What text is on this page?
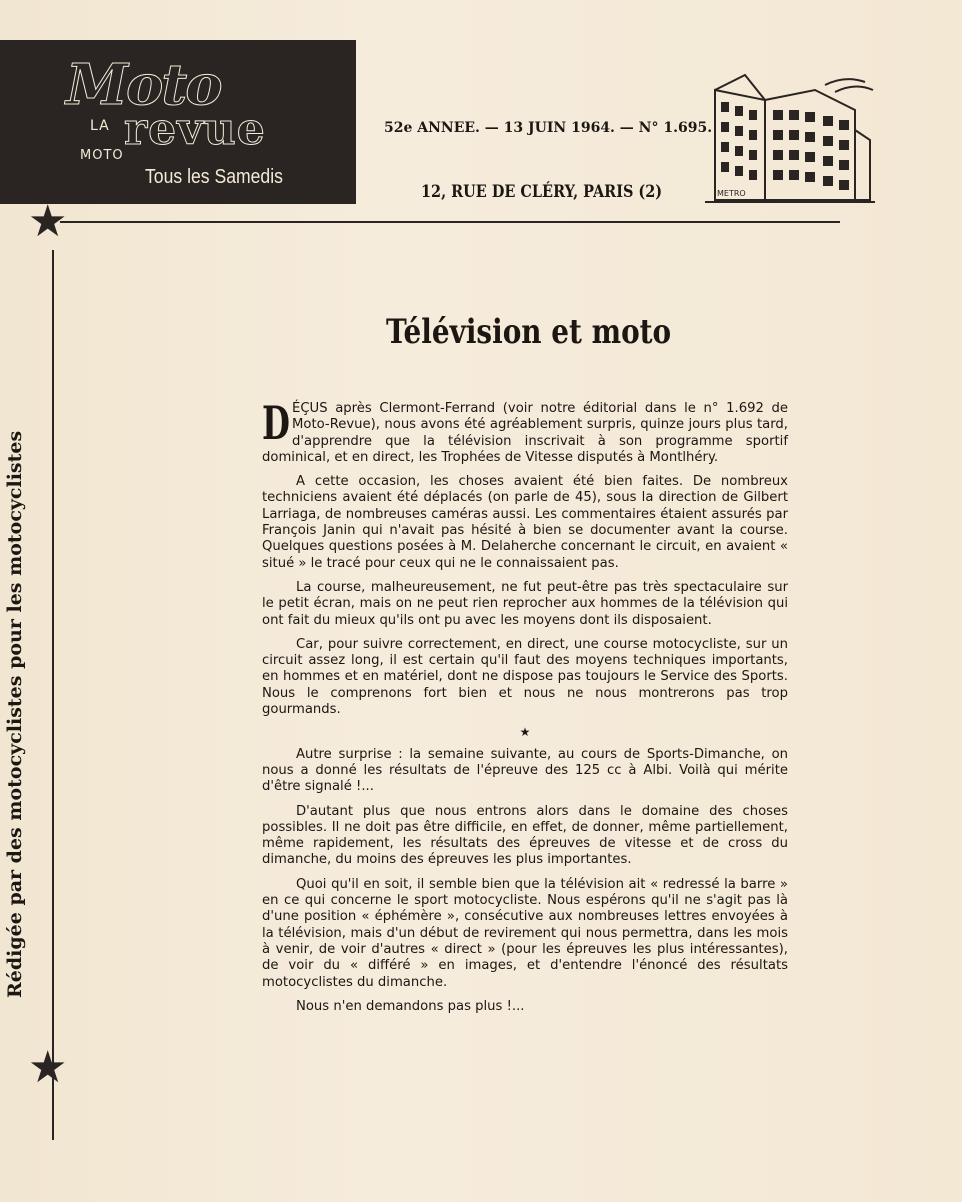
Moto
LA
MOTO
revue
Tous les Samedis
52e ANNEE. — 13 JUIN 1964. — N° 1.695.
12, RUE DE CLÉRY, PARIS (2)	METRO
★
★
Rédigée par des motocyclistes pour les motocyclistes
Télévision et moto

DÉÇUS après Clermont-Ferrand (voir notre éditorial dans le n° 1.692 de Moto-Revue), nous avons été agréablement surpris, quinze jours plus tard, d'apprendre que la télévision inscrivait à son programme sportif dominical, et en direct, les Trophées de Vitesse disputés à Montlhéry.

A cette occasion, les choses avaient été bien faites. De nombreux techniciens avaient été déplacés (on parle de 45), sous la direction de Gilbert Larriaga, de nombreuses caméras aussi. Les commentaires étaient assurés par François Janin qui n'avait pas hésité à bien se documenter avant la course. Quelques questions posées à M. Delaherche concernant le circuit, en avaient « situé » le tracé pour ceux qui ne le connaissaient pas.

La course, malheureusement, ne fut peut-être pas très spectaculaire sur le petit écran, mais on ne peut rien reprocher aux hommes de la télévision qui ont fait du mieux qu'ils ont pu avec les moyens dont ils disposaient.

Car, pour suivre correctement, en direct, une course motocycliste, sur un circuit assez long, il est certain qu'il faut des moyens techniques importants, en hommes et en matériel, dont ne dispose pas toujours le Service des Sports. Nous le comprenons fort bien et nous ne nous montrerons pas trop gourmands.

★

Autre surprise : la semaine suivante, au cours de Sports-Dimanche, on nous a donné les résultats de l'épreuve des 125 cc à Albi. Voilà qui mérite d'être signalé !...

D'autant plus que nous entrons alors dans le domaine des choses possibles. Il ne doit pas être difficile, en effet, de donner, même partiellement, même rapidement, les résultats des épreuves de vitesse et de cross du dimanche, du moins des épreuves les plus importantes.

Quoi qu'il en soit, il semble bien que la télévision ait « redressé la barre » en ce qui concerne le sport motocycliste. Nous espérons qu'il ne s'agit pas là d'une position « éphémère », consécutive aux nombreuses lettres envoyées à la télévision, mais d'un début de revirement qui nous permettra, dans les mois à venir, de voir d'autres « direct » (pour les épreuves les plus intéressantes), de voir du « différé » en images, et d'entendre l'énoncé des résultats motocyclistes du dimanche.

Nous n'en demandons pas plus !...
